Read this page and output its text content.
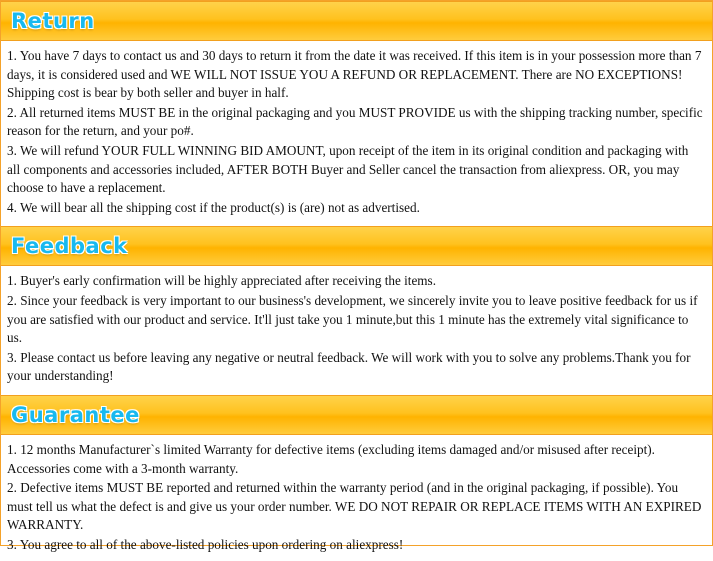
Return

1. You have 7 days to contact us and 30 days to return it from the date it was received. If this item is in your possession more than 7 days, it is considered used and WE WILL NOT ISSUE YOU A REFUND OR REPLACEMENT. There are NO EXCEPTIONS! Shipping cost is bear by both seller and buyer in half.

2. All returned items MUST BE in the original packaging and you MUST PROVIDE us with the shipping tracking number, specific reason for the return, and your po#.

3. We will refund YOUR FULL WINNING BID AMOUNT, upon receipt of the item in its original condition and packaging with all components and accessories included, AFTER BOTH Buyer and Seller cancel the transaction from aliexpress. OR, you may choose to have a replacement.

4. We will bear all the shipping cost if the product(s) is (are) not as advertised.

Feedback

1. Buyer's early confirmation will be highly appreciated after receiving the items.

2. Since your feedback is very important to our business's development, we sincerely invite you to leave positive feedback for us if you are satisfied with our product and service. It'll just take you 1 minute,but this 1 minute has the extremely vital significance to us.

3. Please contact us before leaving any negative or neutral feedback. We will work with you to solve any problems.Thank you for your understanding!

Guarantee

1. 12 months Manufacturer`s limited Warranty for defective items (excluding items damaged and/or misused after receipt). Accessories come with a 3-month warranty.

2. Defective items MUST BE reported and returned within the warranty period (and in the original packaging, if possible). You must tell us what the defect is and give us your order number. WE DO NOT REPAIR OR REPLACE ITEMS WITH AN EXPIRED WARRANTY.

3. You agree to all of the above-listed policies upon ordering on aliexpress!
